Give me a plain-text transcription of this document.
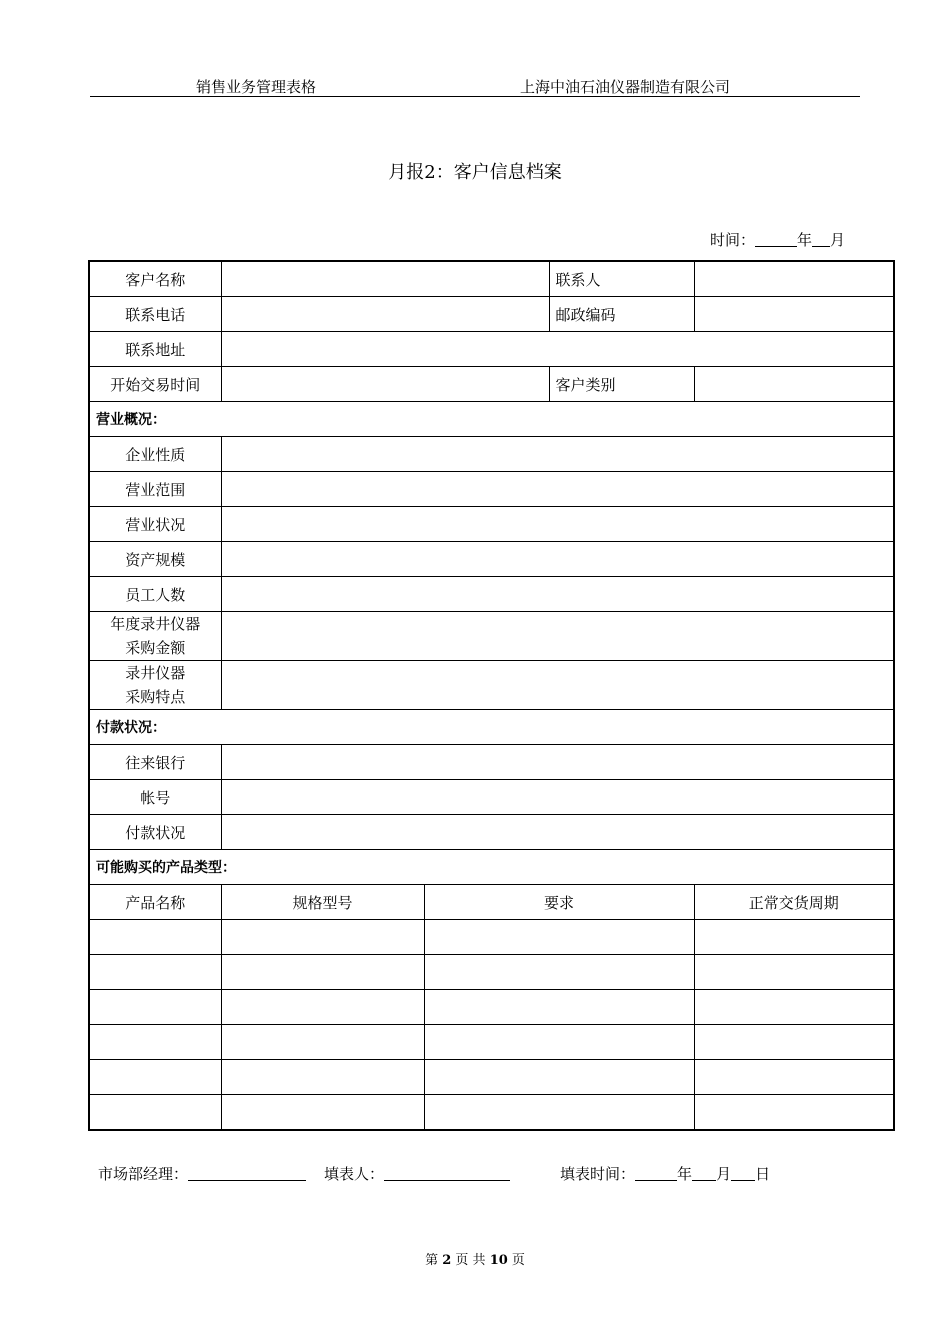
销售业务管理表格	上海中油石油仪器制造有限公司
月报2：客户信息档案
时间：	年 月
客户名称			联系人	
联系电话			邮政编码	
联系地址				
开始交易时间			客户类别	
营业概况：				
企业性质				
营业范围				
营业状况				
资产规模				
员工人数				
年度录井仪器
采购金额				
录井仪器
采购特点				
付款状况：				
往来银行				
帐号				
付款状况				
可能购买的产品类型：				
产品名称	规格型号	要求		正常交货周期

市场部经理：	填表人：	填表时间：	年 月 日
第 2 页 共 10 页
